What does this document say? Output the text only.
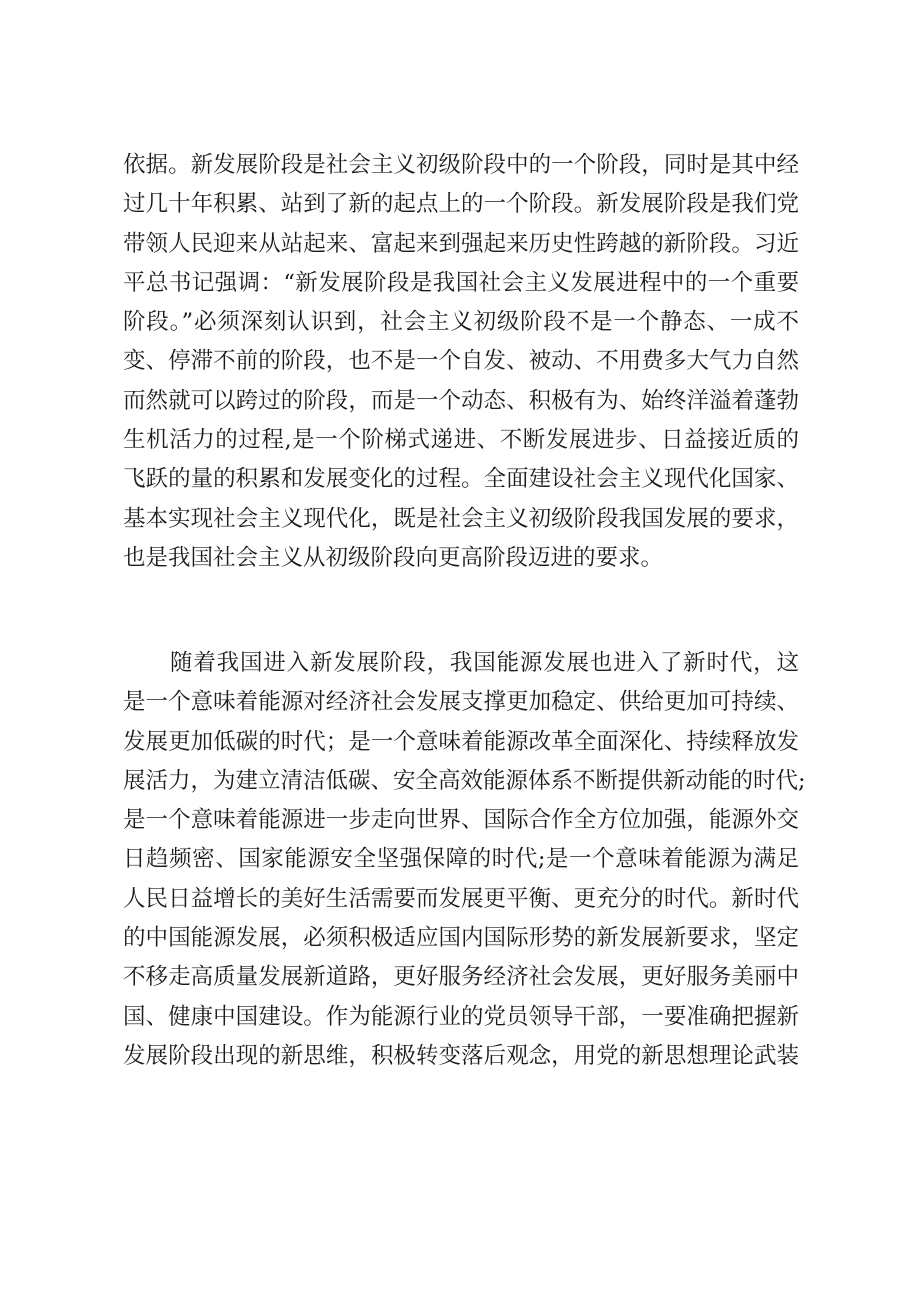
依据。新发展阶段是社会主义初级阶段中的一个阶段，同时是其中经
过几十年积累、站到了新的起点上的一个阶段。新发展阶段是我们党
带领人民迎来从站起来、富起来到强起来历史性跨越的新阶段。习近
平总书记强调：“新发展阶段是我国社会主义发展进程中的一个重要
阶段。”必须深刻认识到，社会主义初级阶段不是一个静态、一成不
变、停滞不前的阶段，也不是一个自发、被动、不用费多大气力自然
而然就可以跨过的阶段，而是一个动态、积极有为、始终洋溢着蓬勃
生机活力的过程,是一个阶梯式递进、不断发展进步、日益接近质的
飞跃的量的积累和发展变化的过程。全面建设社会主义现代化国家、
基本实现社会主义现代化，既是社会主义初级阶段我国发展的要求，
也是我国社会主义从初级阶段向更高阶段迈进的要求。
随着我国进入新发展阶段，我国能源发展也进入了新时代，这
是一个意味着能源对经济社会发展支撑更加稳定、供给更加可持续、
发展更加低碳的时代；是一个意味着能源改革全面深化、持续释放发
展活力，为建立清洁低碳、安全高效能源体系不断提供新动能的时代;
是一个意味着能源进一步走向世界、国际合作全方位加强，能源外交
日趋频密、国家能源安全坚强保障的时代;是一个意味着能源为满足
人民日益增长的美好生活需要而发展更平衡、更充分的时代。新时代
的中国能源发展，必须积极适应国内国际形势的新发展新要求，坚定
不移走高质量发展新道路，更好服务经济社会发展，更好服务美丽中
国、健康中国建设。作为能源行业的党员领导干部，一要准确把握新
发展阶段出现的新思维，积极转变落后观念，用党的新思想理论武装
